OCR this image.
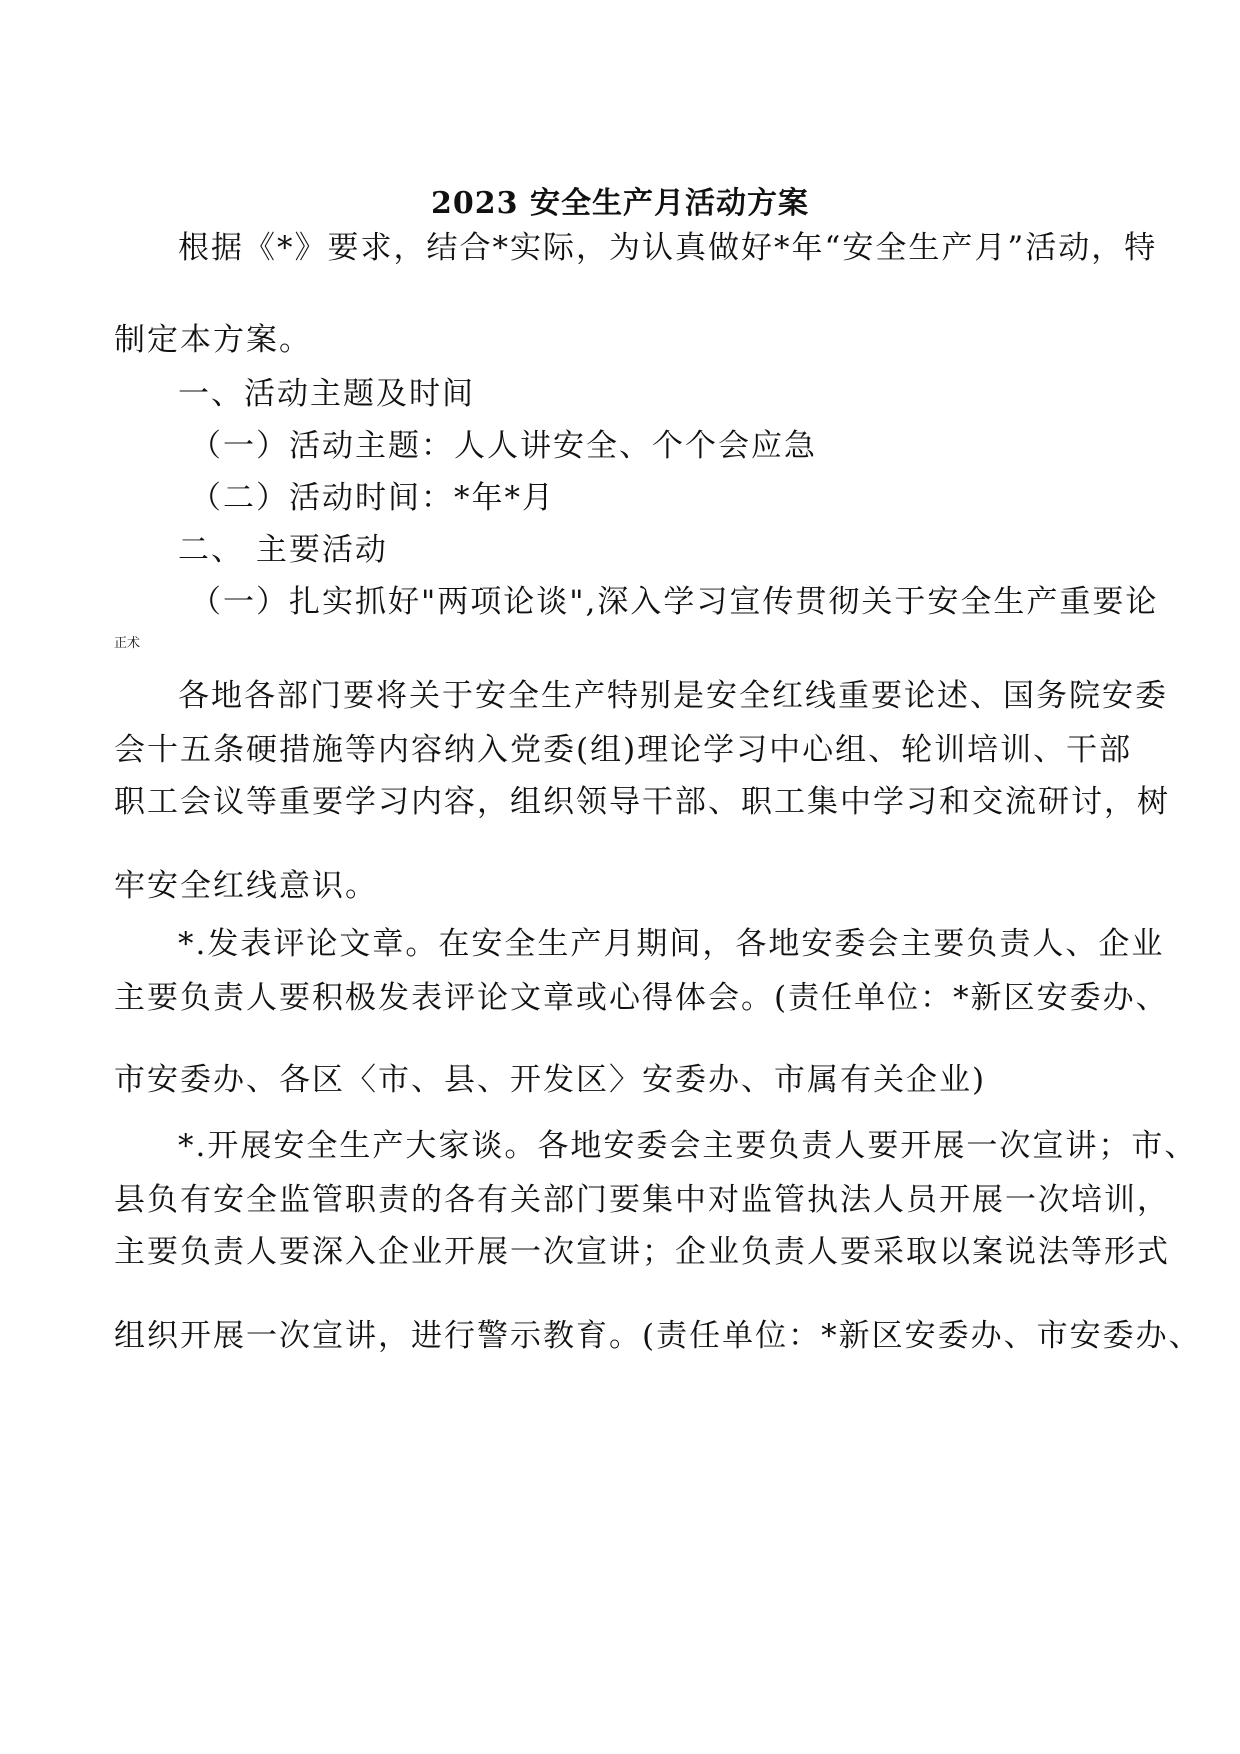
2023 安全生产月活动方案
根据《*》要求，结合*实际，为认真做好*年“安全生产月”活动，特
制定本方案。
一、活动主题及时间
（一）活动主题：人人讲安全、个个会应急
（二）活动时间：*年*月
二、 主要活动
（一）扎实抓好"两项论谈",深入学习宣传贯彻关于安全生产重要论
正术
各地各部门要将关于安全生产特别是安全红线重要论述、国务院安委
会十五条硬措施等内容纳入党委(组)理论学习中心组、轮训培训、干部
职工会议等重要学习内容，组织领导干部、职工集中学习和交流研讨，树
牢安全红线意识。
*.发表评论文章。在安全生产月期间，各地安委会主要负责人、企业
主要负责人要积极发表评论文章或心得体会。(责任单位：*新区安委办、
市安委办、各区〈市、县、开发区〉安委办、市属有关企业)
*.开展安全生产大家谈。各地安委会主要负责人要开展一次宣讲；市、
县负有安全监管职责的各有关部门要集中对监管执法人员开展一次培训，
主要负责人要深入企业开展一次宣讲；企业负责人要采取以案说法等形式
组织开展一次宣讲，进行警示教育。(责任单位：*新区安委办、市安委办、
